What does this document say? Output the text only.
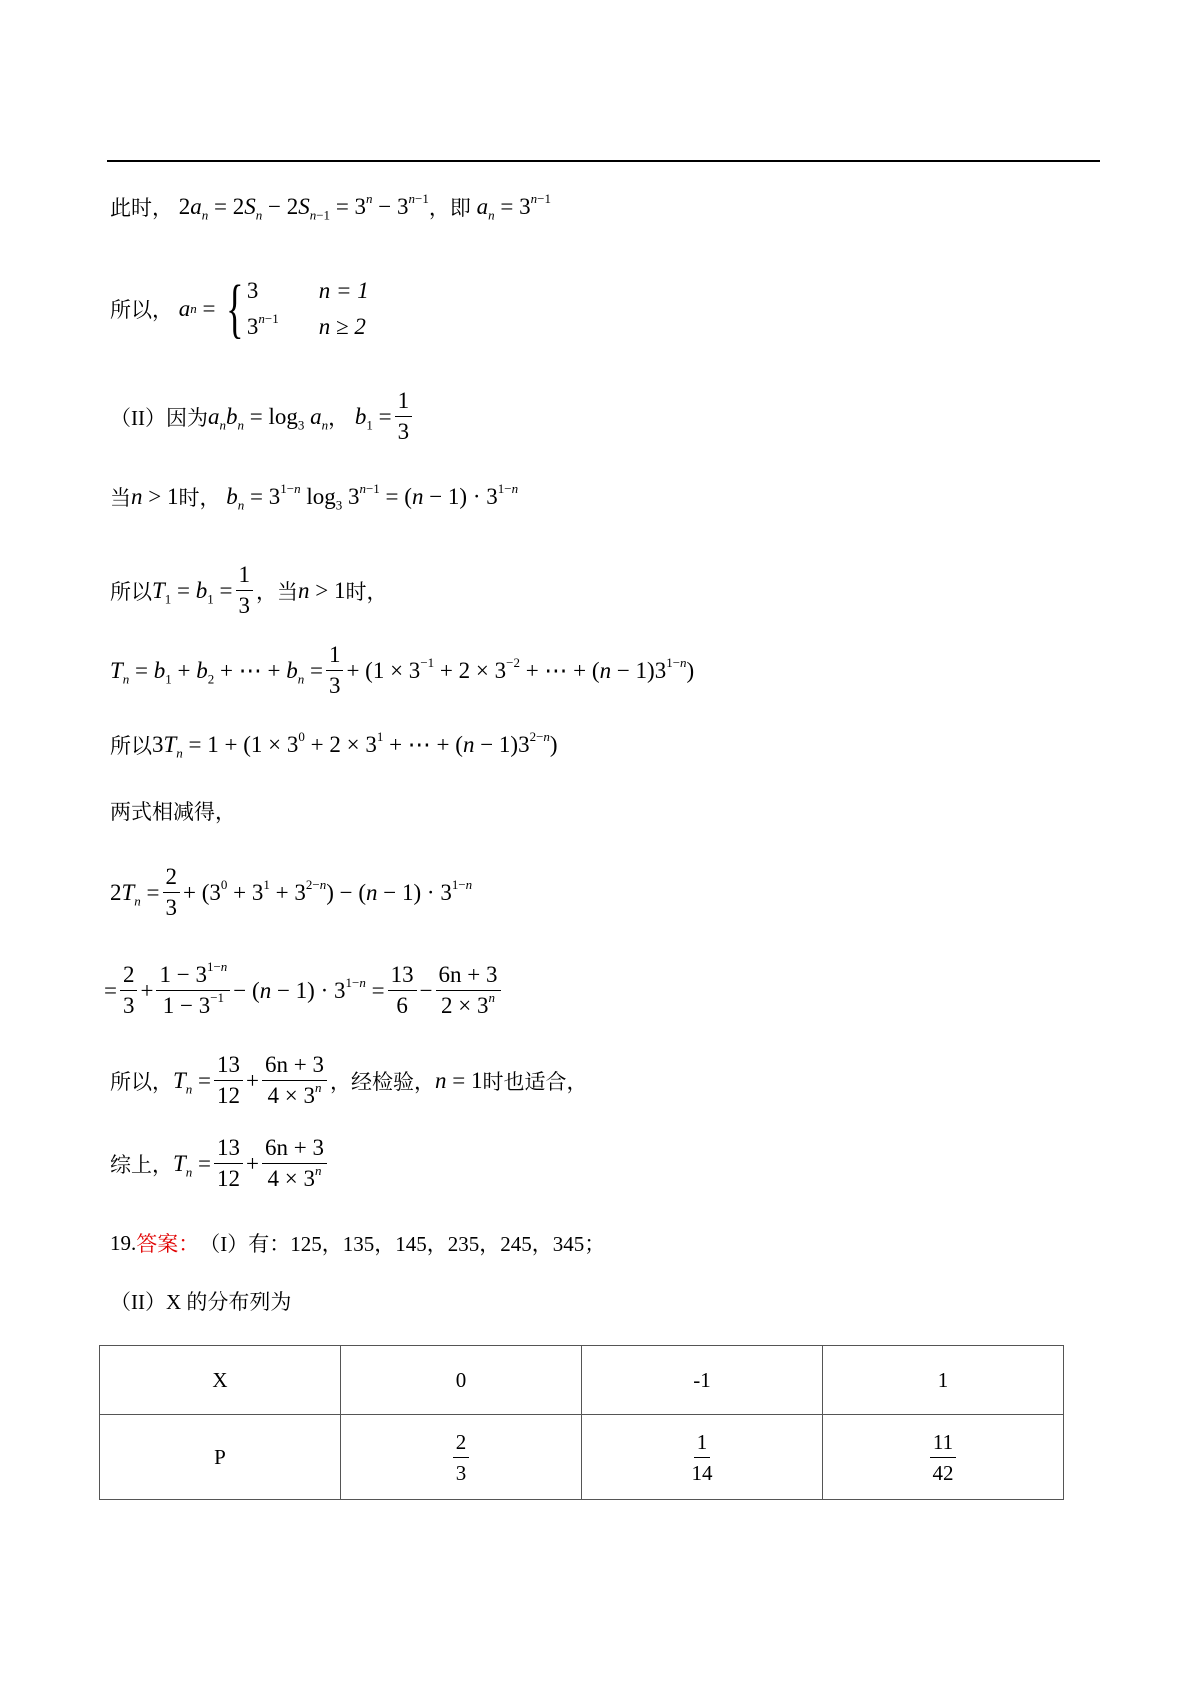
此时， $2a_n = 2S_n - 2S_{n-1} = 3^n - 3^{n-1}$ ，即 $a_n = 3^{n-1}$
所以，
a n = { 3	n = 1
$3^{n-1}$ n ≥ 2
（II）因为 $a_nb_n = \log_3 a_n$ ， $b_1 = \frac{1}{3}$
当 n > 1 时， $b_n = 3^{1-n}$ $\log_3 3^{n-1} = (n - 1) \cdot 3^{1-n}$
所以 $T_1 = b_1 = \frac{1}{3}$ ，当 n > 1 时，
$T_n = b_1 + b_2$ + ⋯ + $b_n = \frac{1}{3} + (1 \times 3^{-1} + 2 \times 3^{-2}$ + ⋯ + $(n - 1)3^{1-n}$)
所以 $3T_n = 1 + (1 \times 3^0 + 2 \times 3^1$ + ⋯ + $(n - 1)3^{2-n}$)
两式相减得，
$2T_n = \frac{2}{3} + (3^0 + 3^1 + 3^{2-n}) - (n - 1) \cdot 3^{1-n}$
= $\frac{2}{3} + \frac{1 - 3^{1-n}}{1 - 3^{-1}} - (n - 1) \cdot 3^{1-n} = \frac{13}{6} - \frac{6n + 3}{2 \times 3^n}$
所以， $T_n = \frac{13}{12} + \frac{6n + 3}{4 \times 3^n}$ ，经检验， n = 1 时也适合，
综上， $T_n = \frac{13}{12} + \frac{6n + 3}{4 \times 3^n}$
19. 答案： （I）有：125，135，145，235，245，345；
（II）X 的分布列为
X	0	-1	1
P	$\frac{2}{3}$	$\frac{1}{14}$	$\frac{11}{42}$
